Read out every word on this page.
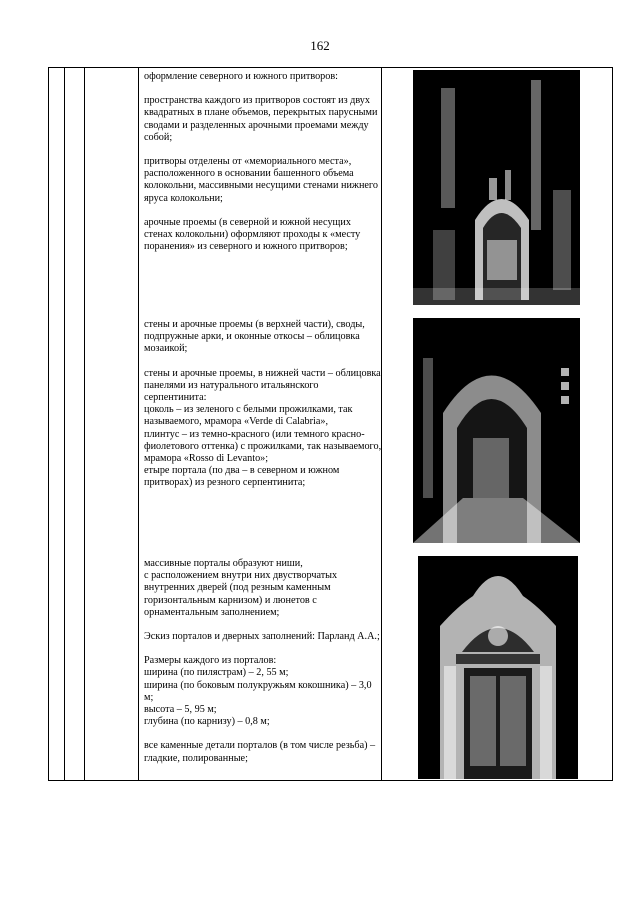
162

оформление северного и южного притворов:

пространства каждого из притворов состоят из двух квадратных в плане объемов, перекрытых парусными сводами и разделенных арочными проемами между собой;

притворы отделены от «мемориального места», расположенного в основании башенного объема колокольни, массивными несущими стенами нижнего яруса колокольни;

арочные проемы (в северной и южной несущих стенах колокольни) оформляют проходы к «месту поранения» из северного и южного притворов;

стены и арочные проемы (в верхней части), своды, подпружные арки, и оконные откосы – облицовка мозаикой;

стены и арочные проемы, в нижней части – облицовка панелями из натурального итальянского серпентинита:

цоколь – из зеленого с белыми прожилками, так называемого, мрамора «Verde di Calabria»,

плинтус – из темно-красного (или темного красно-фиолетового оттенка) с прожилками, так называемого, мрамора «Rosso di Levanto»;

етыре портала (по два – в северном и южном притворах) из резного серпентинита;

массивные порталы образуют ниши,

с расположением внутри них двустворчатых внутренних дверей (под резным каменным горизонтальным карнизом) и люнетов с орнаментальным заполнением;

Эскиз порталов и дверных заполнений: Парланд А.А.;

Размеры каждого из порталов:

ширина (по пилястрам) – 2, 55 м;

ширина (по боковым полукружьям кокошника) – 3,0 м;

высота – 5, 95 м;

глубина (по карнизу) – 0,8 м;

все каменные детали порталов (в том числе резьба) – гладкие, полированные;
